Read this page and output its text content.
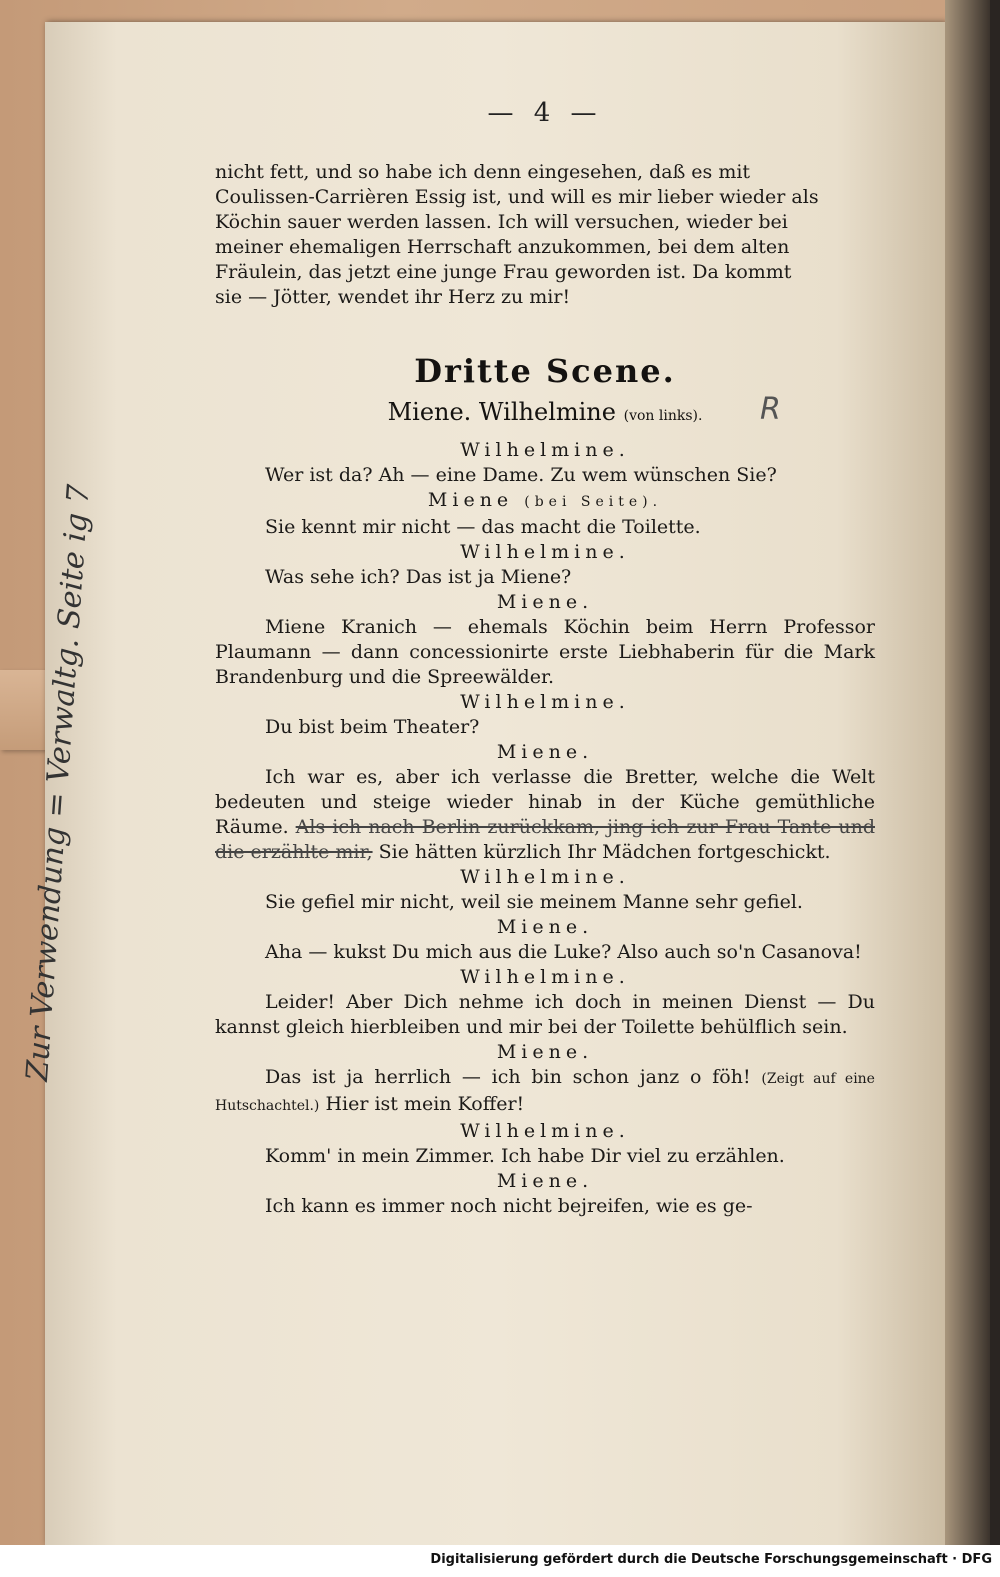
— 4 —

nicht fett, und so habe ich denn eingesehen, daß es mit

Coulissen-Carrièren Essig ist, und will es mir lieber wieder als

Köchin sauer werden lassen. Ich will versuchen, wieder bei

meiner ehemaligen Herrschaft anzukommen, bei dem alten

Fräulein, das jetzt eine junge Frau geworden ist. Da kommt

sie — Jötter, wendet ihr Herz zu mir!

Dritte Scene.
Miene. Wilhelmine (von links).	R

Wilhelmine.

Wer ist da? Ah — eine Dame. Zu wem wünschen Sie?

Miene (bei Seite).

Sie kennt mir nicht — das macht die Toilette.

Wilhelmine.

Was sehe ich? Das ist ja Miene?

Miene.

Miene Kranich — ehemals Köchin beim Herrn Professor Plaumann — dann concessionirte erste Liebhaberin für die Mark Brandenburg und die Spreewälder.

Wilhelmine.

Du bist beim Theater?

Miene.

Ich war es, aber ich verlasse die Bretter, welche die Welt bedeuten und steige wieder hinab in der Küche gemüthliche Räume. Als ich nach Berlin zurückkam, jing ich zur Frau Tante und die erzählte mir, Sie hätten kürzlich Ihr Mädchen fortgeschickt.

Wilhelmine.

Sie gefiel mir nicht, weil sie meinem Manne sehr gefiel.

Miene.

Aha — kukst Du mich aus die Luke? Also auch so'n Casanova!

Wilhelmine.

Leider! Aber Dich nehme ich doch in meinen Dienst — Du kannst gleich hierbleiben und mir bei der Toilette behülflich sein.

Miene.

Das ist ja herrlich — ich bin schon janz o föh! (Zeigt auf eine Hutschachtel.) Hier ist mein Koffer!

Wilhelmine.

Komm' in mein Zimmer. Ich habe Dir viel zu erzählen.

Miene.

Ich kann es immer noch nicht bejreifen, wie es ge-

Zur Verwendung = Verwaltg. Seite ig 7
Digitalisierung gefördert durch die Deutsche Forschungsgemeinschaft · DFG
